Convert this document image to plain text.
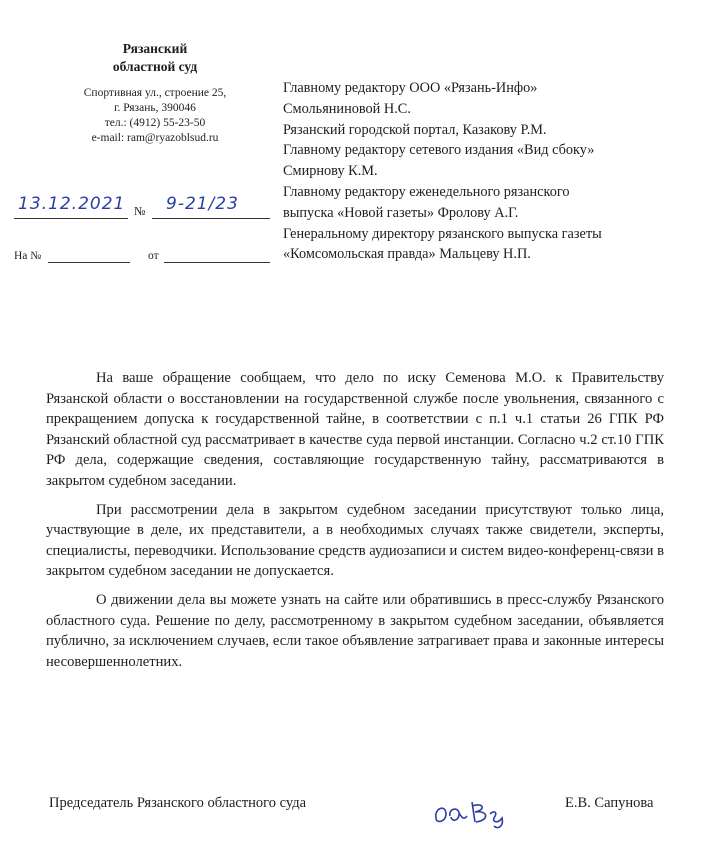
Рязанский
областной суд
Спортивная ул., строение 25,
г. Рязань, 390046
тел.: (4912) 55-23-50
e-mail: ram@ryazoblsud.ru
13.12.2021 № 9-21/23
На №	от
Главному редактору ООО «Рязань-Инфо»
Смольяниновой Н.С.
Рязанский городской портал, Казакову Р.М.
Главному редактору сетевого издания «Вид сбоку»
Смирнову К.М.
Главному редактору еженедельного рязанского
выпуска «Новой газеты» Фролову А.Г.
Генеральному директору рязанского выпуска газеты
«Комсомольская правда» Мальцеву Н.П.

На ваше обращение сообщаем, что дело по иску Семенова М.О. к Правительству Рязанской области о восстановлении на государственной службе после увольнения, связанного с прекращением допуска к государственной тайне, в соответствии с п.1 ч.1 статьи 26 ГПК РФ Рязанский областной суд рассматривает в качестве суда первой инстанции. Согласно ч.2 ст.10 ГПК РФ дела, содержащие сведения, составляющие государственную тайну, рассматриваются в закрытом судебном заседании.

При рассмотрении дела в закрытом судебном заседании присутствуют только лица, участвующие в деле, их представители, а в необходимых случаях также свидетели, эксперты, специалисты, переводчики. Использование средств аудиозаписи и систем видео-конференц-связи в закрытом судебном заседании не допускается.

О движении дела вы можете узнать на сайте или обратившись в пресс-службу Рязанского областного суда. Решение по делу, рассмотренному в закрытом судебном заседании, объявляется публично, за исключением случаев, если такое объявление затрагивает права и законные интересы несовершеннолетних.

Председатель Рязанского областного суда	Е.В. Сапунова
